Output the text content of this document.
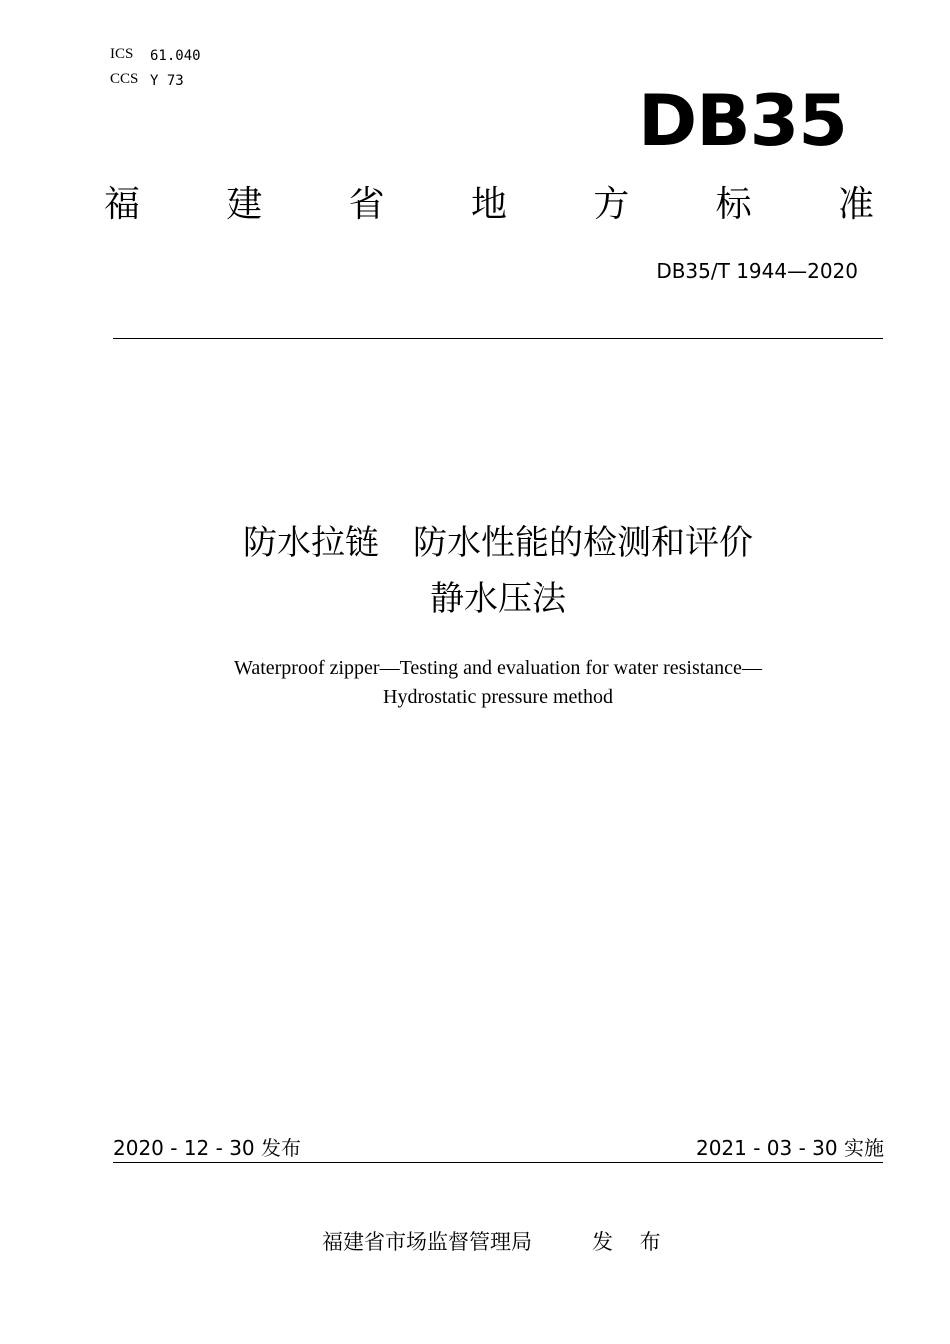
ICS 61.040
CCS Y 73	DB35
福 建 省 地 方 标 准
DB35/T 1944—2020
防水拉链　防水性能的检测和评价
静水压法
Waterproof zipper—Testing and evaluation for water resistance—
Hydrostatic pressure method
2020 - 12 - 30 发布	2021 - 03 - 30 实施
福建省市场监督管理局	发 布
